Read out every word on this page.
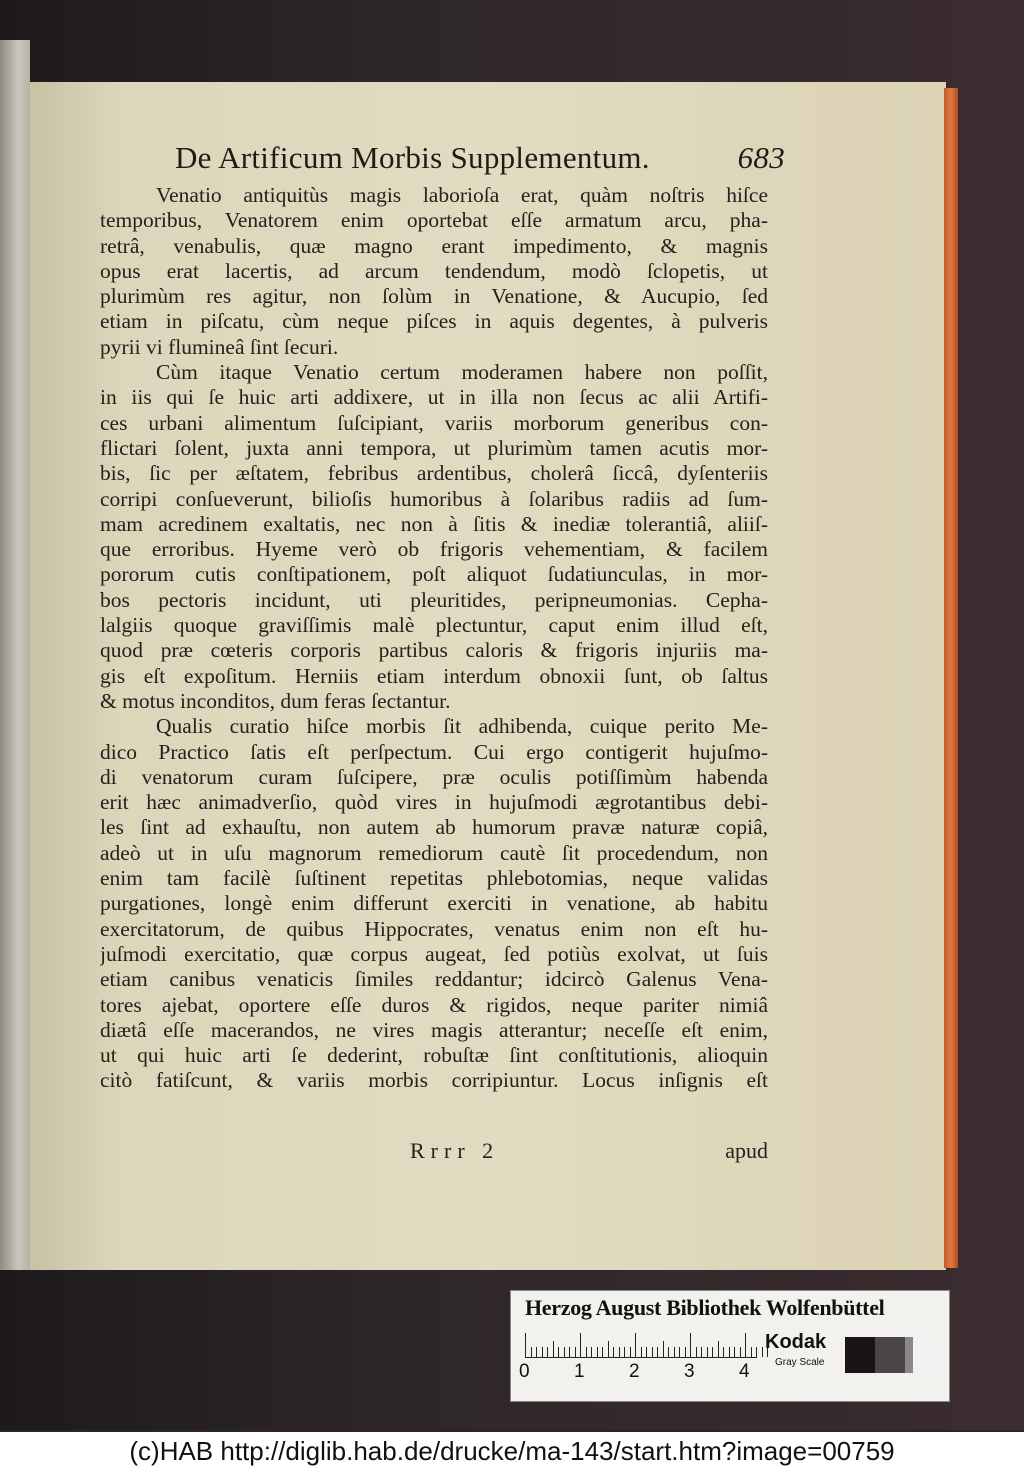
De Artificum Morbis Supplementum.	683
Venatio antiquitùs magis laborioſa erat, quàm noſtris hiſce
temporibus, Venatorem enim oportebat eſſe armatum arcu, pha-
retrâ, venabulis, quæ magno erant impedimento, & magnis
opus erat lacertis, ad arcum tendendum, modò ſclopetis, ut
plurimùm res agitur, non ſolùm in Venatione, & Aucupio, ſed
etiam in piſcatu, cùm neque piſces in aquis degentes, à pulveris
pyrii vi flumineâ ſint ſecuri.
Cùm itaque Venatio certum moderamen habere non poſſit,
in iis qui ſe huic arti addixere, ut in illa non ſecus ac alii Artifi-
ces urbani alimentum ſuſcipiant, variis morborum generibus con-
flictari ſolent, juxta anni tempora, ut plurimùm tamen acutis mor-
bis, ſic per æſtatem, febribus ardentibus, cholerâ ſiccâ, dyſenteriis
corripi conſueverunt, bilioſis humoribus à ſolaribus radiis ad ſum-
mam acredinem exaltatis, nec non à ſitis & inediæ tolerantiâ, aliiſ-
que erroribus. Hyeme verò ob frigoris vehementiam, & facilem
pororum cutis conſtipationem, poſt aliquot ſudatiunculas, in mor-
bos pectoris incidunt, uti pleuritides, peripneumonias. Cepha-
lalgiis quoque graviſſimis malè plectuntur, caput enim illud eſt,
quod præ cœteris corporis partibus caloris & frigoris injuriis ma-
gis eſt expoſitum. Herniis etiam interdum obnoxii ſunt, ob ſaltus
& motus inconditos, dum feras ſectantur.
Qualis curatio hiſce morbis ſit adhibenda, cuique perito Me-
dico Practico ſatis eſt perſpectum. Cui ergo contigerit hujuſmo-
di venatorum curam ſuſcipere, præ oculis potiſſimùm habenda
erit hæc animadverſio, quòd vires in hujuſmodi ægrotantibus debi-
les ſint ad exhauſtu, non autem ab humorum pravæ naturæ copiâ,
adeò ut in uſu magnorum remediorum cautè ſit procedendum, non
enim tam facilè ſuſtinent repetitas phlebotomias, neque validas
purgationes, longè enim differunt exerciti in venatione, ab habitu
exercitatorum, de quibus Hippocrates, venatus enim non eſt hu-
juſmodi exercitatio, quæ corpus augeat, ſed potiùs exolvat, ut ſuis
etiam canibus venaticis ſimiles reddantur; idcircò Galenus Vena-
tores ajebat, oportere eſſe duros & rigidos, neque pariter nimiâ
diætâ eſſe macerandos, ne vires magis atterantur; neceſſe eſt enim,
ut qui huic arti ſe dederint, robuſtæ ſint conſtitutionis, alioquin
citò fatiſcunt, & variis morbis corripiuntur. Locus inſignis eſt
Rrrr 2	apud
Herzog August Bibliothek Wolfenbüttel
0 1 2 3 4
Kodak
Gray Scale
(c)HAB http://diglib.hab.de/drucke/ma-143/start.htm?image=00759
